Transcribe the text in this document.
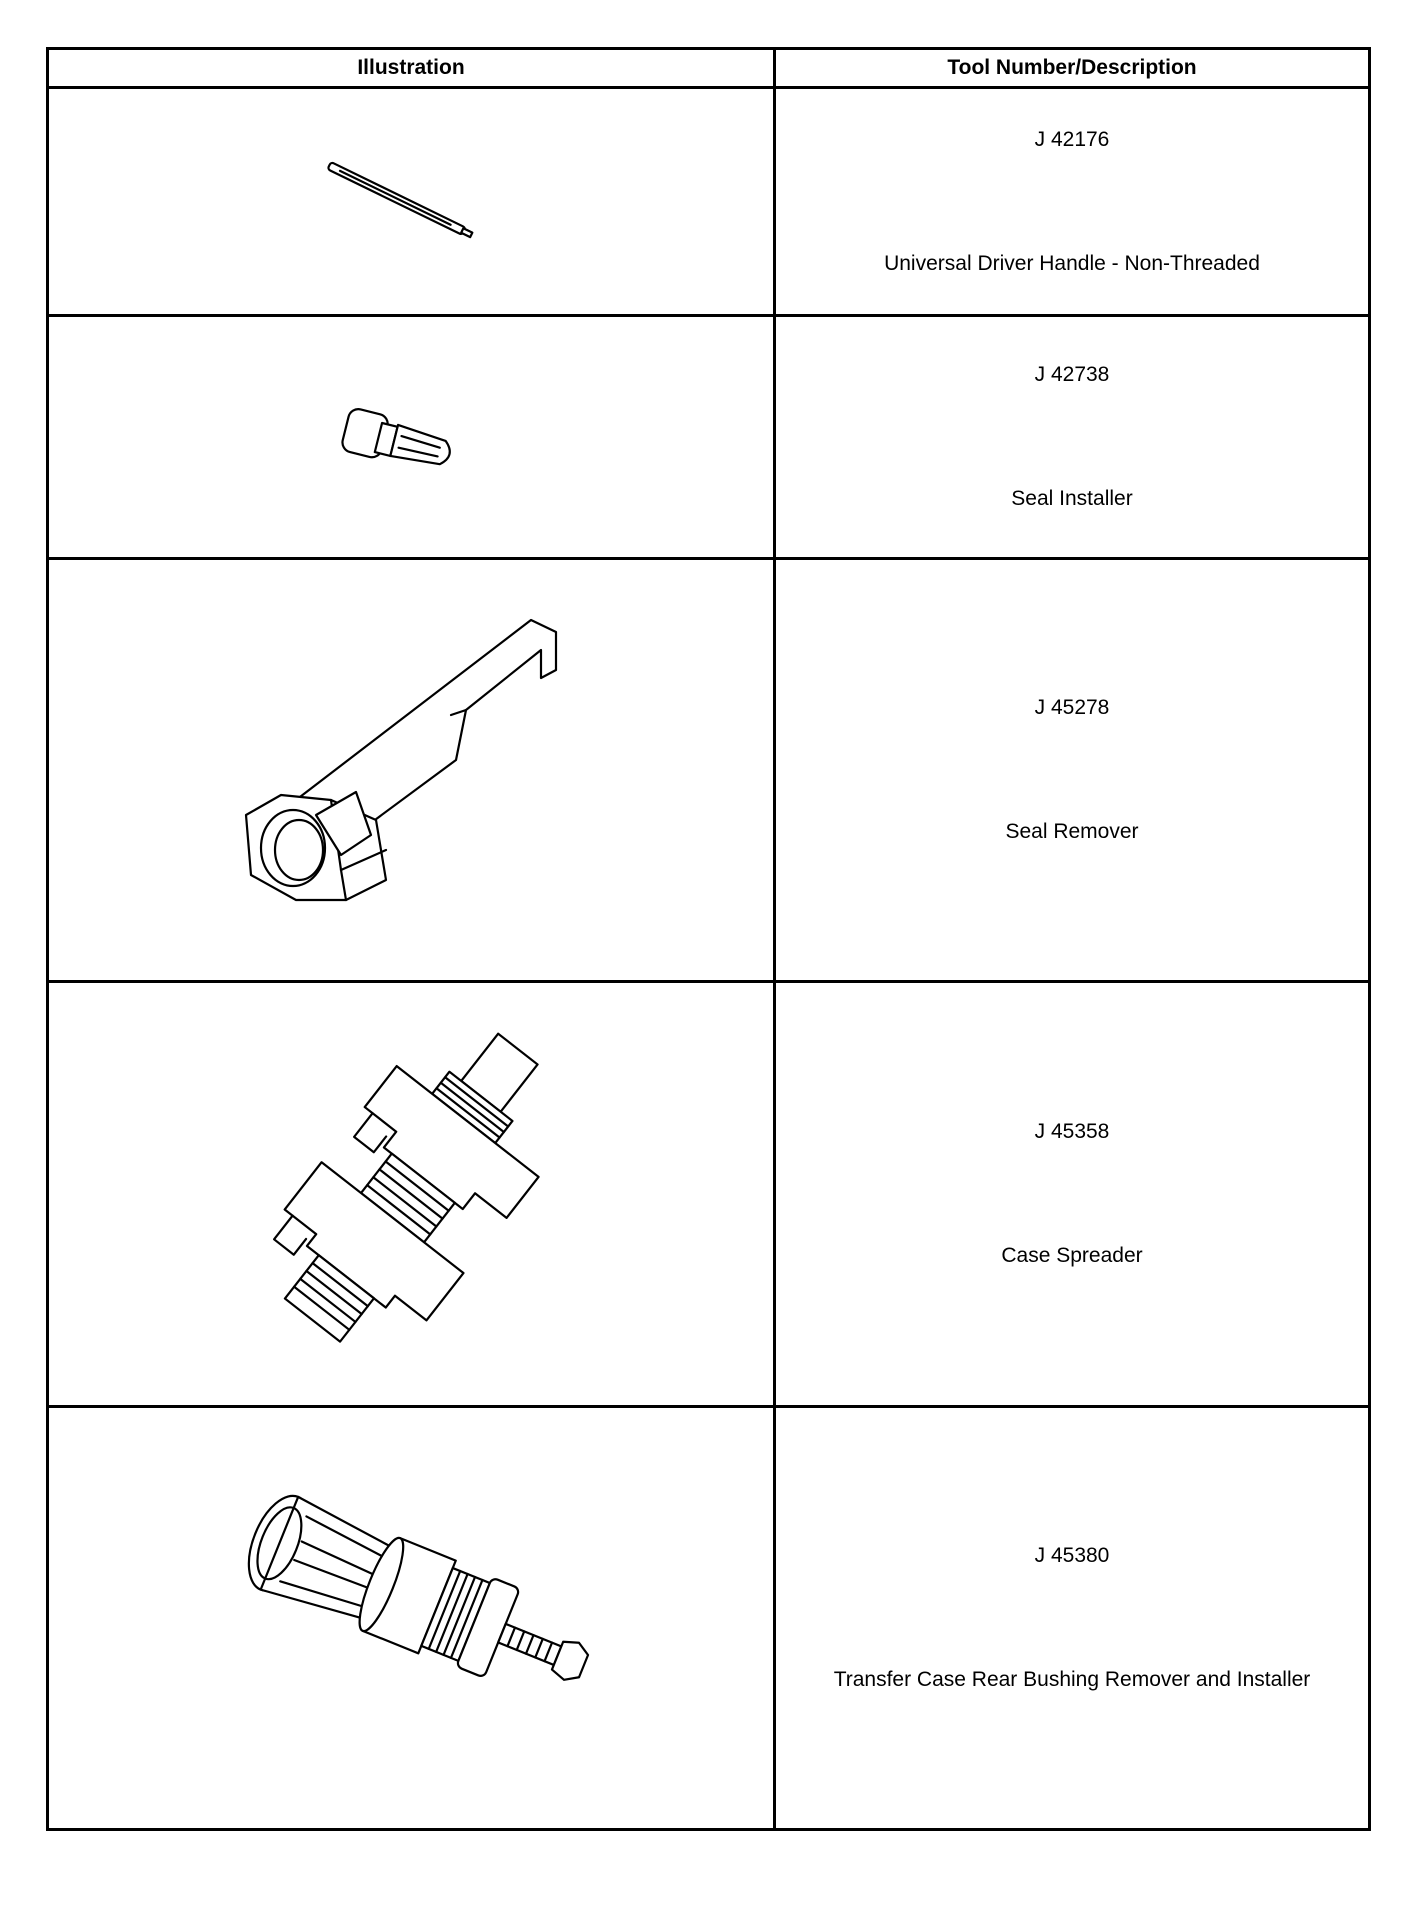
Illustration	Tool Number/Description

J 42176
Universal Driver Handle - Non-Threaded

J 42738
Seal Installer

J 45278
Seal Remover

J 45358
Case Spreader

J 45380
Transfer Case Rear Bushing Remover and Installer
